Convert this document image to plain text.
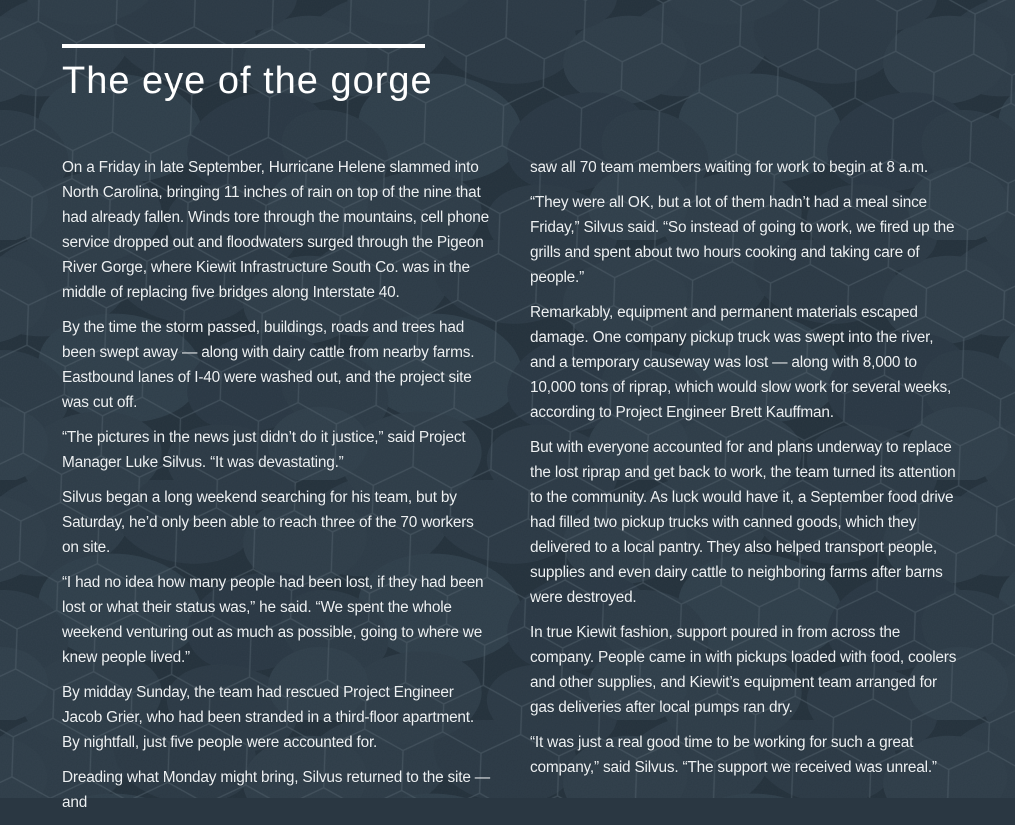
The eye of the gorge

On a Friday in late September, Hurricane Helene slammed into North Carolina, bringing 11 inches of rain on top of the nine that had already fallen. Winds tore through the mountains, cell phone service dropped out and floodwaters surged through the Pigeon River Gorge, where Kiewit Infrastructure South Co. was in the middle of replacing five bridges along Interstate 40.

By the time the storm passed, buildings, roads and trees had been swept away — along with dairy cattle from nearby farms. Eastbound lanes of I-40 were washed out, and the project site was cut off.

“The pictures in the news just didn’t do it justice,” said Project Manager Luke Silvus. “It was devastating.”

Silvus began a long weekend searching for his team, but by Saturday, he’d only been able to reach three of the 70 workers on site.

“I had no idea how many people had been lost, if they had been lost or what their status was,” he said. “We spent the whole weekend venturing out as much as possible, going to where we knew people lived.”

By midday Sunday, the team had rescued Project Engineer Jacob Grier, who had been stranded in a third-floor apartment. By nightfall, just five people were accounted for.

Dreading what Monday might bring, Silvus returned to the site — and

saw all 70 team members waiting for work to begin at 8 a.m.

“They were all OK, but a lot of them hadn’t had a meal since Friday,” Silvus said. “So instead of going to work, we fired up the grills and spent about two hours cooking and taking care of people.”

Remarkably, equipment and permanent materials escaped damage. One company pickup truck was swept into the river, and a temporary causeway was lost — along with 8,000 to 10,000 tons of riprap, which would slow work for several weeks, according to Project Engineer Brett Kauffman.

But with everyone accounted for and plans underway to replace the lost riprap and get back to work, the team turned its attention to the community. As luck would have it, a September food drive had filled two pickup trucks with canned goods, which they delivered to a local pantry. They also helped transport people, supplies and even dairy cattle to neighboring farms after barns were destroyed.

In true Kiewit fashion, support poured in from across the company. People came in with pickups loaded with food, coolers and other supplies, and Kiewit’s equipment team arranged for gas deliveries after local pumps ran dry.

“It was just a real good time to be working for such a great company,” said Silvus. “The support we received was unreal.”
